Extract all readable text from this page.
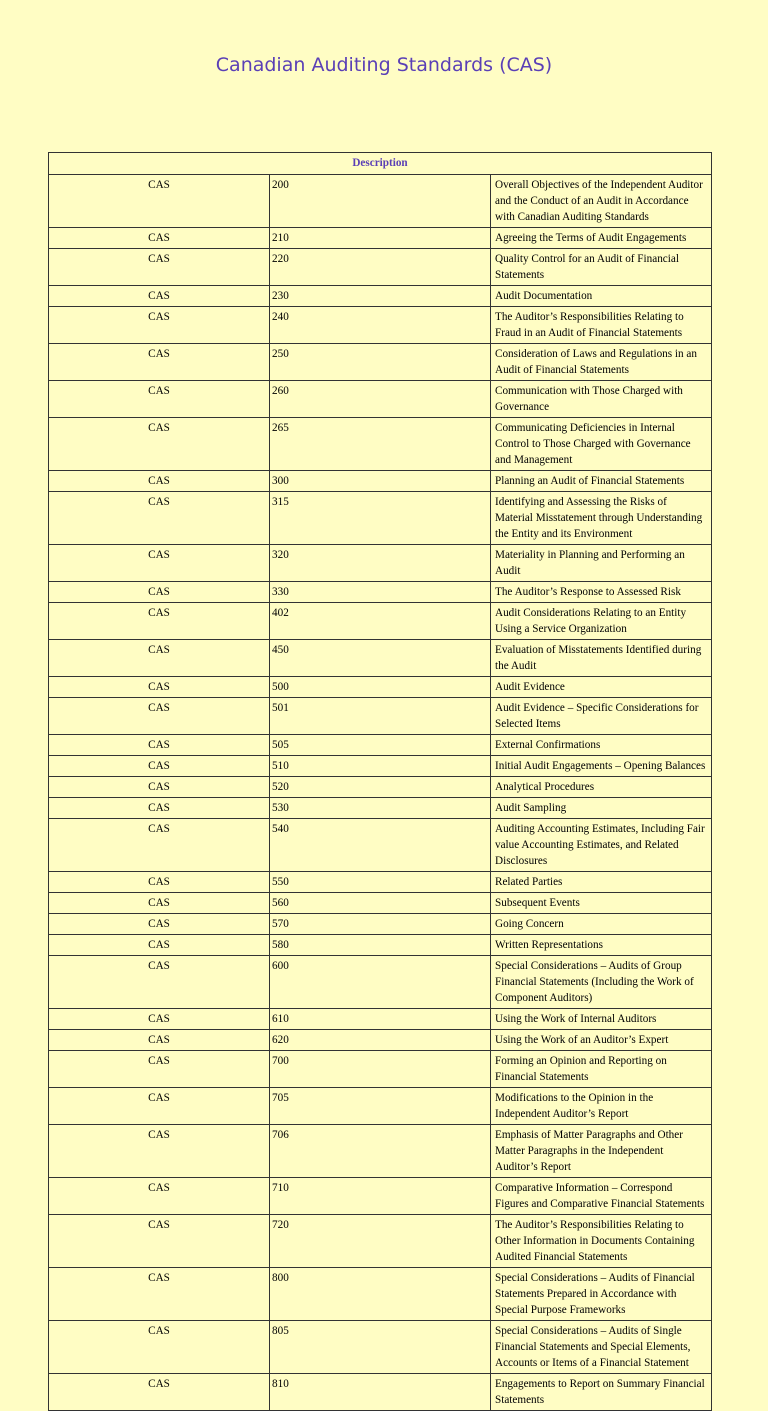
Canadian Auditing Standards (CAS)
Description		
CAS	200	Overall Objectives of the Independent Auditor and the Conduct of an Audit in Accordance with Canadian Auditing Standards
CAS	210	Agreeing the Terms of Audit Engagements
CAS	220	Quality Control for an Audit of Financial Statements
CAS	230	Audit Documentation
CAS	240	The Auditor’s Responsibilities Relating to Fraud in an Audit of Financial Statements
CAS	250	Consideration of Laws and Regulations in an Audit of Financial Statements
CAS	260	Communication with Those Charged with Governance
CAS	265	Communicating Deficiencies in Internal Control to Those Charged with Governance and Management
CAS	300	Planning an Audit of Financial Statements
CAS	315	Identifying and Assessing the Risks of Material Misstatement through Understanding the Entity and its Environment
CAS	320	Materiality in Planning and Performing an Audit
CAS	330	The Auditor’s Response to Assessed Risk
CAS	402	Audit Considerations Relating to an Entity Using a Service Organization
CAS	450	Evaluation of Misstatements Identified during the Audit
CAS	500	Audit Evidence
CAS	501	Audit Evidence – Specific Considerations for Selected Items
CAS	505	External Confirmations
CAS	510	Initial Audit Engagements – Opening Balances
CAS	520	Analytical Procedures
CAS	530	Audit Sampling
CAS	540	Auditing Accounting Estimates, Including Fair value Accounting Estimates, and Related Disclosures
CAS	550	Related Parties
CAS	560	Subsequent Events
CAS	570	Going Concern
CAS	580	Written Representations
CAS	600	Special Considerations – Audits of Group Financial Statements (Including the Work of Component Auditors)
CAS	610	Using the Work of Internal Auditors
CAS	620	Using the Work of an Auditor’s Expert
CAS	700	Forming an Opinion and Reporting on Financial Statements
CAS	705	Modifications to the Opinion in the Independent Auditor’s Report
CAS	706	Emphasis of Matter Paragraphs and Other Matter Paragraphs in the Independent Auditor’s Report
CAS	710	Comparative Information – Correspond Figures and Comparative Financial Statements
CAS	720	The Auditor’s Responsibilities Relating to Other Information in Documents Containing Audited Financial Statements
CAS	800	Special Considerations – Audits of Financial Statements Prepared in Accordance with Special Purpose Frameworks
CAS	805	Special Considerations – Audits of Single Financial Statements and Special Elements, Accounts or Items of a Financial Statement
CAS	810	Engagements to Report on Summary Financial Statements
